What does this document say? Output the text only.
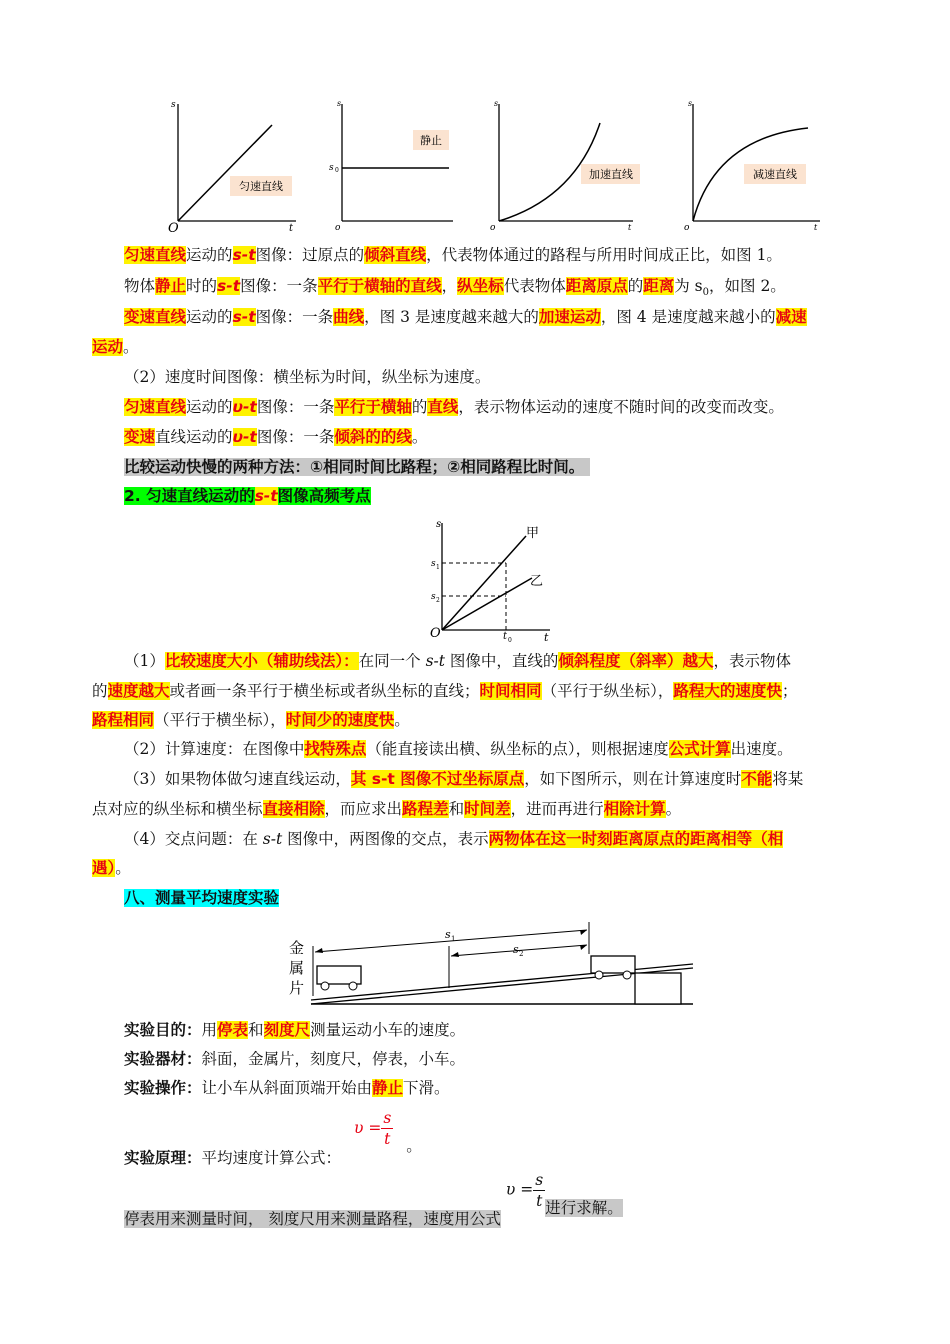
s
t
O
匀速直线
s
s 0
o
静止
s
t
o
加速直线
s
t
o
减速直线
匀速直线运动的s-t图像：过原点的倾斜直线，代表物体通过的路程与所用时间成正比，如图 1。
物体静止时的s-t图像：一条平行于横轴的直线，纵坐标代表物体距离原点的距离为 $s_0$，如图 2。
变速直线运动的s-t图像：一条曲线，图 3 是速度越来越大的加速运动，图 4 是速度越来越小的减速
运动。
（2）速度时间图像：横坐标为时间，纵坐标为速度。
匀速直线运动的υ-t图像：一条平行于横轴的直线，表示物体运动的速度不随时间的改变而改变。
变速直线运动的υ-t图像：一条倾斜的的线。
比较运动快慢的两种方法：①相同时间比路程；②相同路程比时间。
2. 匀速直线运动的s-t图像高频考点
s
t
O
甲
乙
s 1
s 2
t 0
（1）比较速度大小（辅助线法）：在同一个 s-t 图像中，直线的倾斜程度（斜率）越大，表示物体
的速度越大或者画一条平行于横坐标或者纵坐标的直线；时间相同（平行于纵坐标），路程大的速度快；
路程相同（平行于横坐标），时间少的速度快。
（2）计算速度：在图像中找特殊点（能直接读出横、纵坐标的点），则根据速度公式计算出速度。
（3）如果物体做匀速直线运动，其 s-t 图像不过坐标原点，如下图所示，则在计算速度时不能将某
点对应的纵坐标和横坐标直接相除，而应求出路程差和时间差，进而再进行相除计算。
（4）交点问题：在 s-t 图像中，两图像的交点，表示两物体在这一时刻距离原点的距离相等（相
遇）。
八、测量平均速度实验
s 1
s 2
金属片
实验目的：用停表和刻度尺测量运动小车的速度。
实验器材：斜面，金属片，刻度尺，停表，小车。
实验操作：让小车从斜面顶端开始由静止下滑。
实验原理：平均速度计算公式： $\upsilon = \frac{s}{t}$ 。
停表用来测量时间， 刻度尺用来测量路程，速度用公式 $\upsilon = \frac{s}{t}$ 进行求解。
